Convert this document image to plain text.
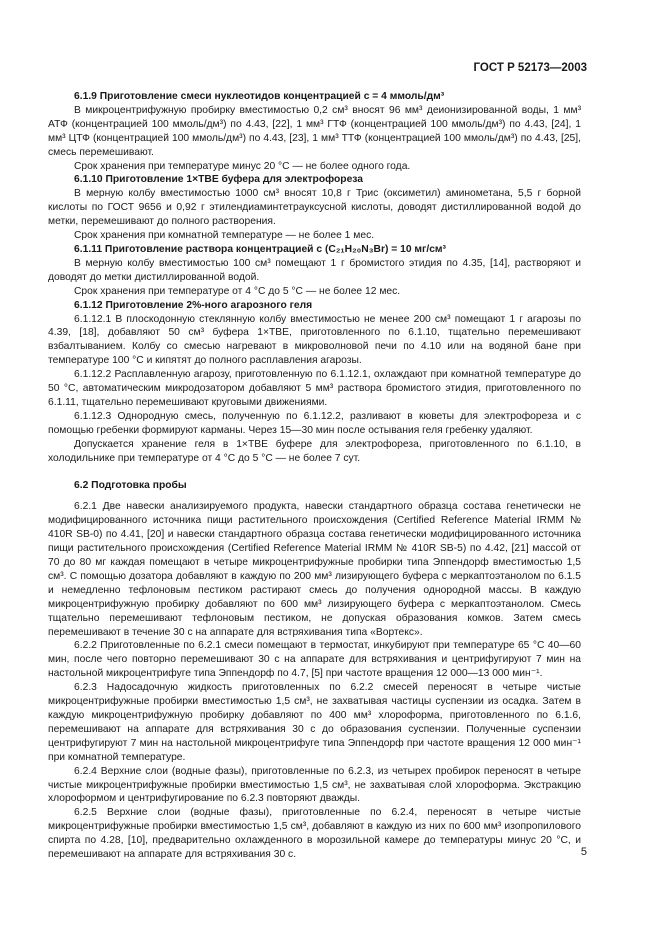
ГОСТ Р 52173—2003
6.1.9 Приготовление смеси нуклеотидов концентрацией c = 4 ммоль/дм³

В микроцентрифужную пробирку вместимостью 0,2 см³ вносят 96 мм³ деионизированной воды, 1 мм³ АТФ (концентрацией 100 ммоль/дм³) по 4.43, [22], 1 мм³ ГТФ (концентрацией 100 ммоль/дм³) по 4.43, [24], 1 мм³ ЦТФ (концентрацией 100 ммоль/дм³) по 4.43, [23], 1 мм³ ТТФ (концентрацией 100 ммоль/дм³) по 4.43, [25], смесь перемешивают.

Срок хранения при температуре минус 20 °С — не более одного года.

6.1.10 Приготовление 1×ТВЕ буфера для электрофореза

В мерную колбу вместимостью 1000 см³ вносят 10,8 г Трис (оксиметил) аминометана, 5,5 г борной кислоты по ГОСТ 9656 и 0,92 г этилендиаминтетрауксусной кислоты, доводят дистиллированной водой до метки, перемешивают до полного растворения.

Срок хранения при комнатной температуре — не более 1 мес.

6.1.11 Приготовление раствора концентрацией c (C₂₁H₂₀N₃Br) = 10 мг/см³

В мерную колбу вместимостью 100 см³ помещают 1 г бромистого этидия по 4.35, [14], растворяют и доводят до метки дистиллированной водой.

Срок хранения при температуре от 4 °С до 5 °С — не более 12 мес.

6.1.12 Приготовление 2%-ного агарозного геля

6.1.12.1 В плоскодонную стеклянную колбу вместимостью не менее 200 см³ помещают 1 г агарозы по 4.39, [18], добавляют 50 см³ буфера 1×ТВЕ, приготовленного по 6.1.10, тщательно перемешивают взбалтыванием. Колбу со смесью нагревают в микроволновой печи по 4.10 или на водяной бане при температуре 100 °С и кипятят до полного расплавления агарозы.

6.1.12.2 Расплавленную агарозу, приготовленную по 6.1.12.1, охлаждают при комнатной температуре до 50 °С, автоматическим микродозатором добавляют 5 мм³ раствора бромистого этидия, приготовленного по 6.1.11, тщательно перемешивают круговыми движениями.

6.1.12.3 Однородную смесь, полученную по 6.1.12.2, разливают в кюветы для электрофореза и с помощью гребенки формируют карманы. Через 15—30 мин после остывания геля гребенку удаляют.

Допускается хранение геля в 1×ТВЕ буфере для электрофореза, приготовленного по 6.1.10, в холодильнике при температуре от 4 °С до 5 °С — не более 7 сут.

6.2 Подготовка пробы

6.2.1 Две навески анализируемого продукта, навески стандартного образца состава генетически не модифицированного источника пищи растительного происхождения (Certified Reference Material IRMM № 410R SB-0) по 4.41, [20] и навески стандартного образца состава генетически модифицированного источника пищи растительного происхождения (Certified Reference Material IRMM № 410R SB-5) по 4.42, [21] массой от 70 до 80 мг каждая помещают в четыре микроцентрифужные пробирки типа Эппендорф вместимостью 1,5 см³. С помощью дозатора добавляют в каждую по 200 мм³ лизирующего буфера с меркаптоэтанолом по 6.1.5 и немедленно тефлоновым пестиком растирают смесь до получения однородной массы. В каждую микроцентрифужную пробирку добавляют по 600 мм³ лизирующего буфера с меркаптоэтанолом. Смесь тщательно перемешивают тефлоновым пестиком, не допуская образования комков. Затем смесь перемешивают в течение 30 с на аппарате для встряхивания типа «Вортекс».

6.2.2 Приготовленные по 6.2.1 смеси помещают в термостат, инкубируют при температуре 65 °С 40—60 мин, после чего повторно перемешивают 30 с на аппарате для встряхивания и центрифугируют 7 мин на настольной микроцентрифуге типа Эппендорф по 4.7, [5] при частоте вращения 12 000—13 000 мин⁻¹.

6.2.3 Надосадочную жидкость приготовленных по 6.2.2 смесей переносят в четыре чистые микроцентрифужные пробирки вместимостью 1,5 см³, не захватывая частицы суспензии из осадка. Затем в каждую микроцентрифужную пробирку добавляют по 400 мм³ хлороформа, приготовленного по 6.1.6, перемешивают на аппарате для встряхивания 30 с до образования суспензии. Полученные суспензии центрифугируют 7 мин на настольной микроцентрифуге типа Эппендорф при частоте вращения 12 000 мин⁻¹ при комнатной температуре.

6.2.4 Верхние слои (водные фазы), приготовленные по 6.2.3, из четырех пробирок переносят в четыре чистые микроцентрифужные пробирки вместимостью 1,5 см³, не захватывая слой хлороформа. Экстракцию хлороформом и центрифугирование по 6.2.3 повторяют дважды.

6.2.5 Верхние слои (водные фазы), приготовленные по 6.2.4, переносят в четыре чистые микроцентрифужные пробирки вместимостью 1,5 см³, добавляют в каждую из них по 600 мм³ изопропилового спирта по 4.28, [10], предварительно охлажденного в морозильной камере до температуры минус 20 °С, и перемешивают на аппарате для встряхивания 30 с.	5
